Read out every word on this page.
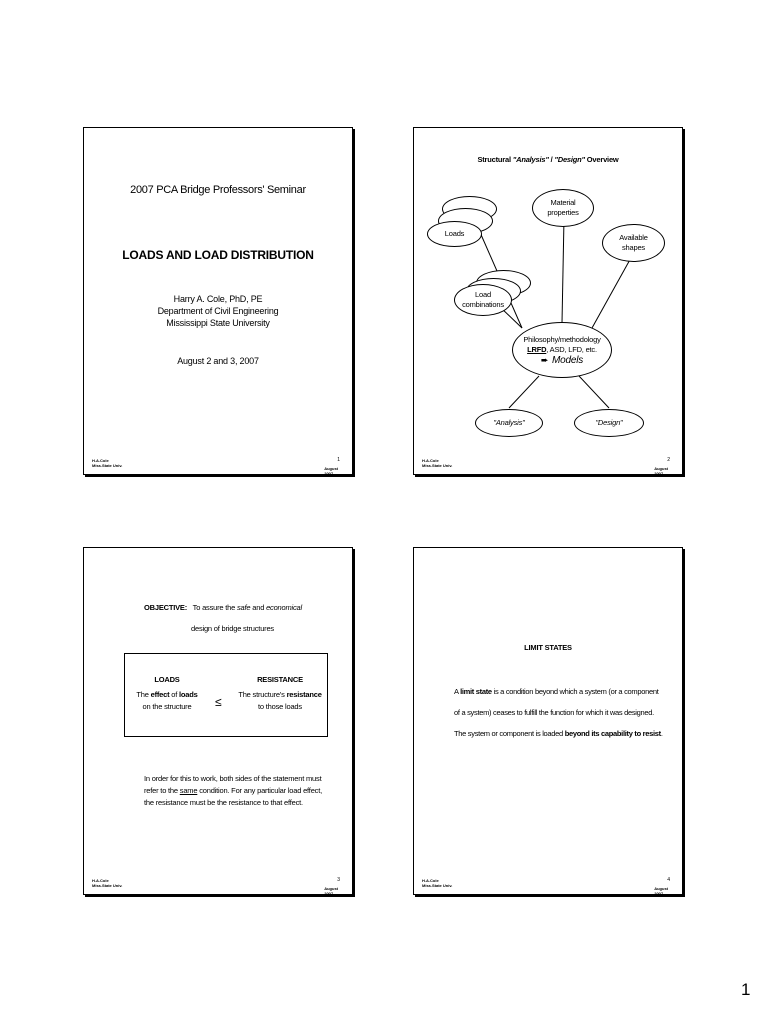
2007 PCA Bridge Professors' Seminar
LOADS AND LOAD DISTRIBUTION
Harry A. Cole, PhD, PE
Department of Civil Engineering
Mississippi State University
August 2 and 3, 2007
H.A.Cole
Miss.State Univ.
1
August
2007
Structural "Analysis" / "Design" Overview
Loads
Material
properties
Available
shapes
Load
combinations
Philosophy/methodology
LRFD, ASD, LFD, etc.
➨ Models
"Analysis"	"Design"
H.A.Cole
Miss.State Univ.
2
August
2007
OBJECTIVE: To assure the safe and economical
design of bridge structures
LOADS
The effect of loads
on the structure	≤
RESISTANCE
The structure's resistance
to those loads
In order for this to work, both sides of the statement must
refer to the same condition. For any particular load effect,
the resistance must be the resistance to that effect.
H.A.Cole
Miss.State Univ.
3
August
2007
LIMIT STATES
A limit state is a condition beyond which a system (or a component
of a system) ceases to fulfill the function for which it was designed.
The system or component is loaded beyond its capability to resist.
H.A.Cole
Miss.State Univ.
4
August
2007
1
